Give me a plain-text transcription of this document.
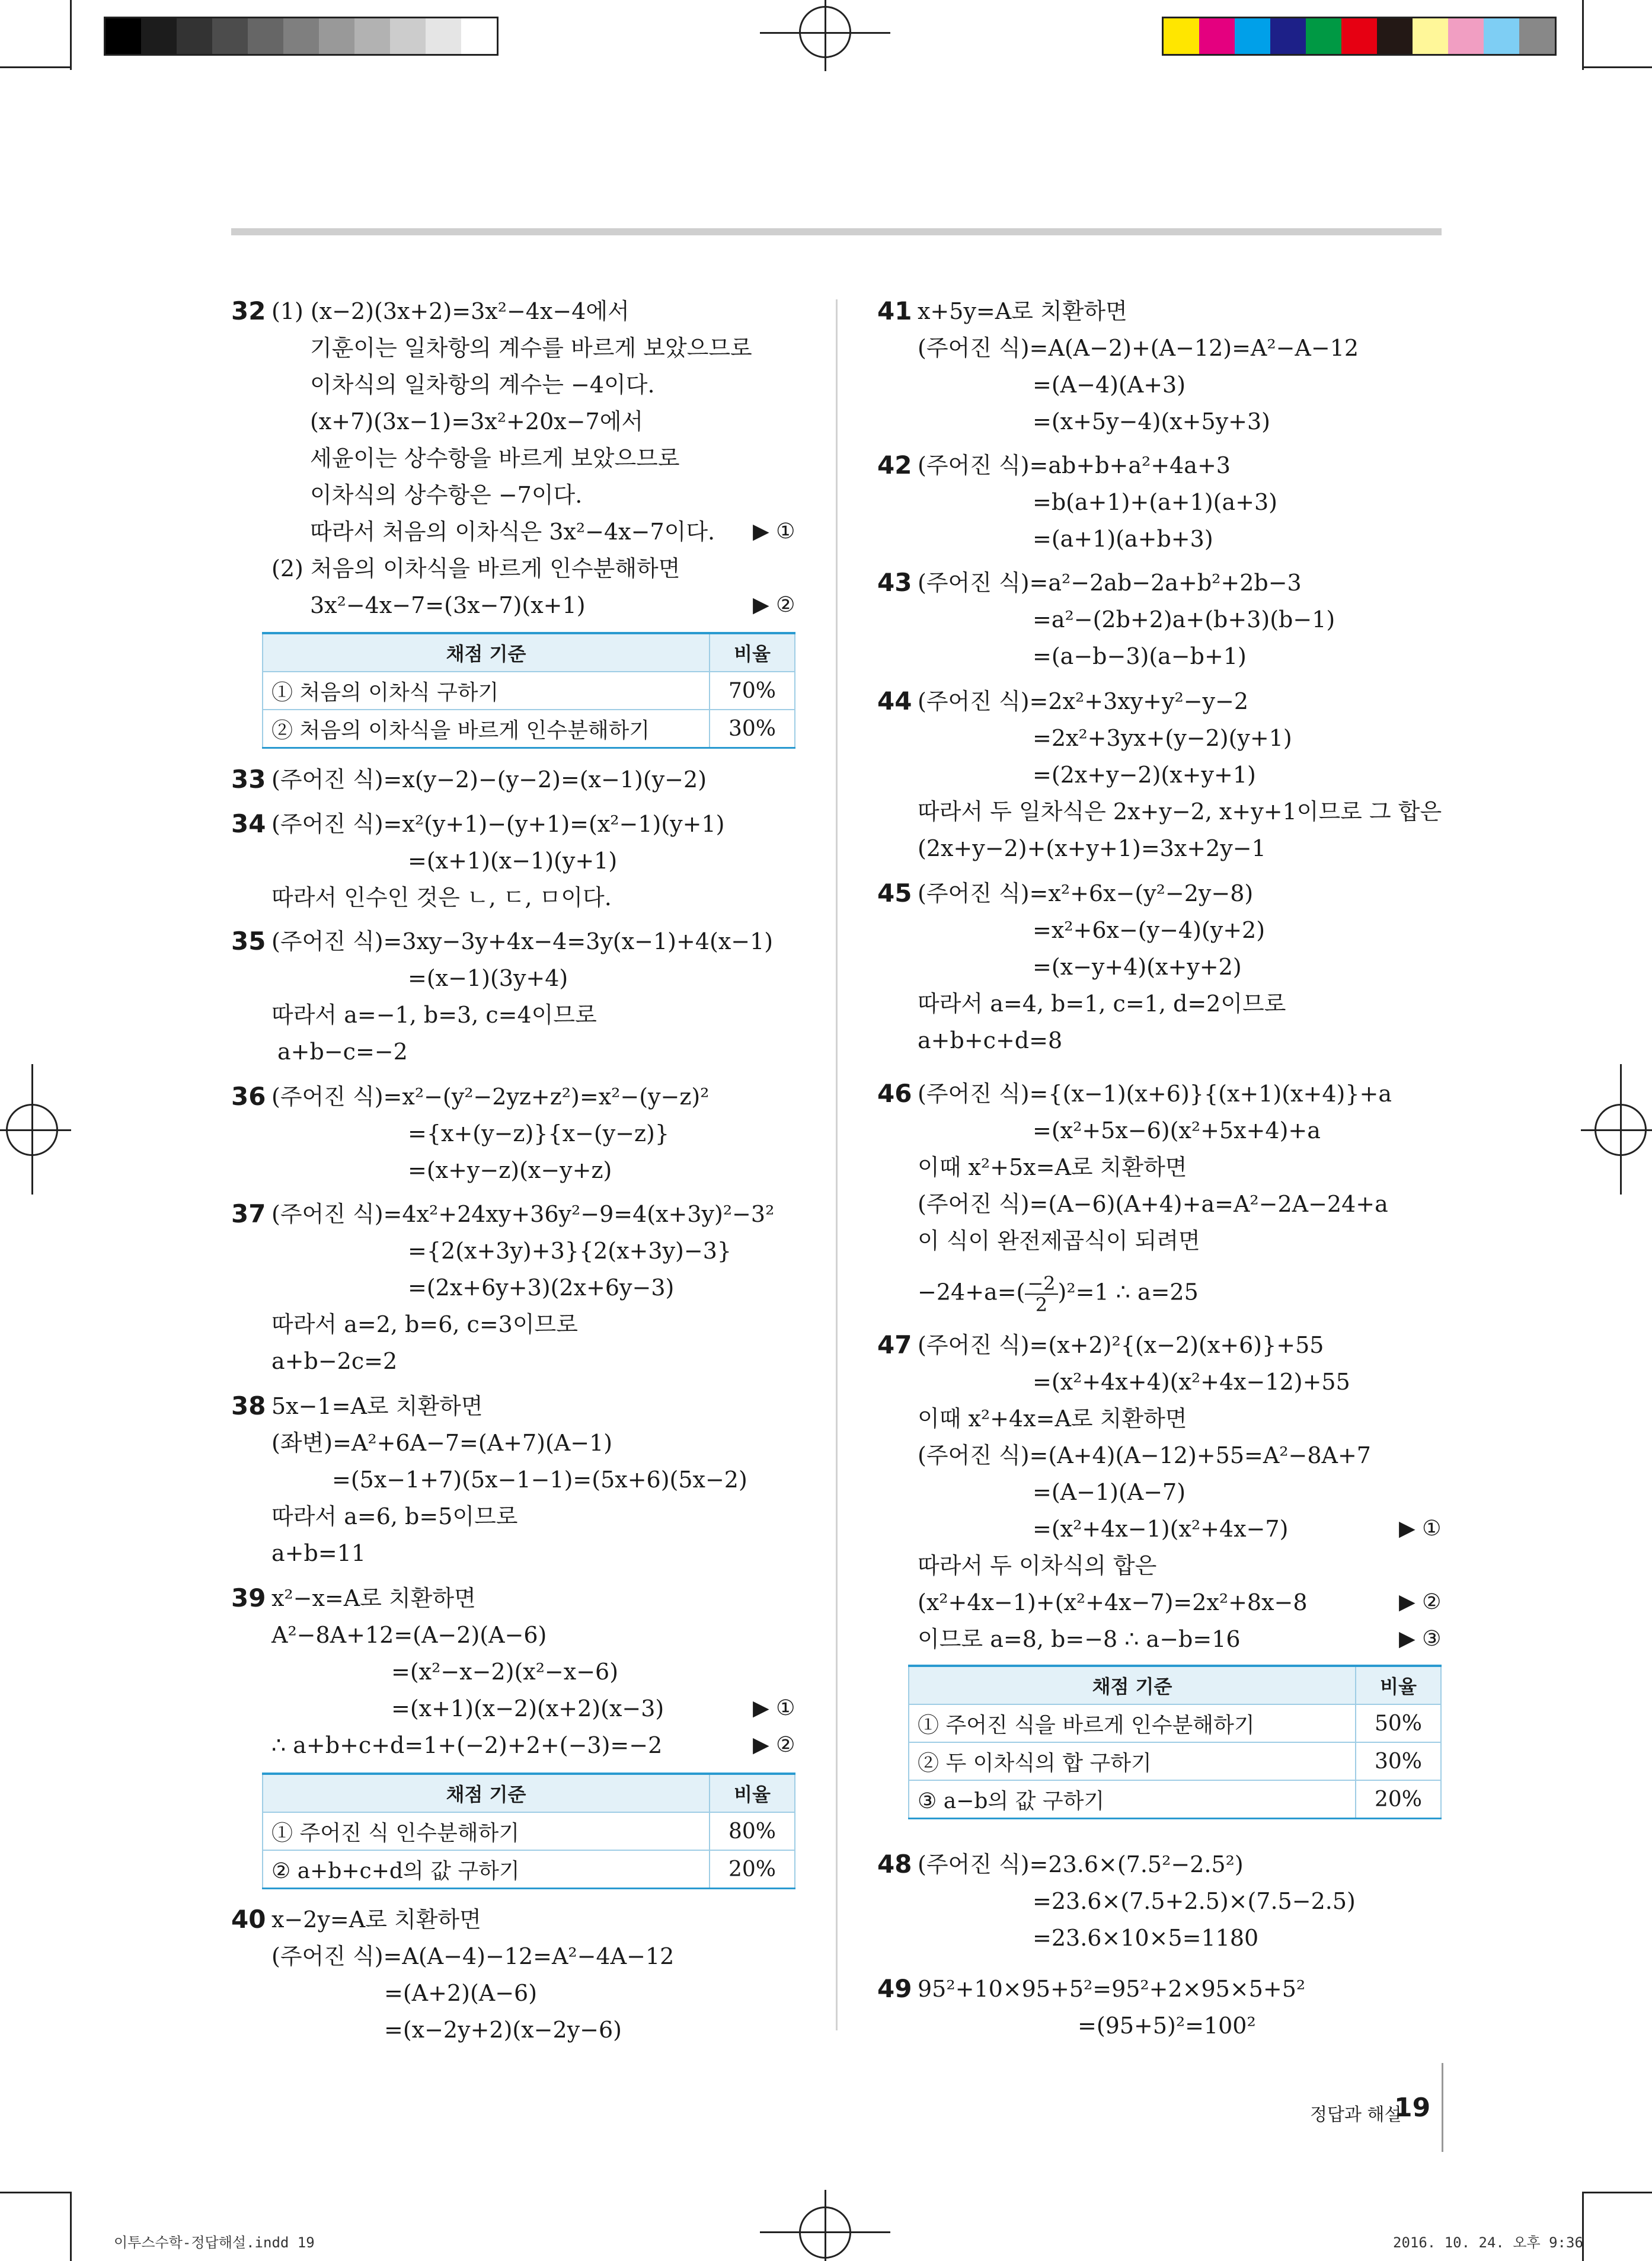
32 (1) (x−2)(3x+2)=3x²−4x−4에서
기훈이는 일차항의 계수를 바르게 보았으므로
이차식의 일차항의 계수는 −4이다.
(x+7)(3x−1)=3x²+20x−7에서
세윤이는 상수항을 바르게 보았으므로
이차식의 상수항은 −7이다.
따라서 처음의 이차식은 3x²−4x−7이다. ▶ ①
(2) 처음의 이차식을 바르게 인수분해하면
3x²−4x−7=(3x−7)(x+1)	▶ ②
채점 기준	비율
① 처음의 이차식 구하기	70%
② 처음의 이차식을 바르게 인수분해하기	30%
33 (주어진 식)=x(y−2)−(y−2)=(x−1)(y−2)
34 (주어진 식)=x²(y+1)−(y+1)=(x²−1)(y+1)
=(x+1)(x−1)(y+1)
따라서 인수인 것은 ㄴ, ㄷ, ㅁ이다.
35 (주어진 식)=3xy−3y+4x−4=3y(x−1)+4(x−1)
=(x−1)(3y+4)
따라서 a=−1, b=3, c=4이므로
a+b−c=−2
36 (주어진 식)=x²−(y²−2yz+z²)=x²−(y−z)²
={x+(y−z)}{x−(y−z)}
=(x+y−z)(x−y+z)
37 (주어진 식)=4x²+24xy+36y²−9=4(x+3y)²−3²
={2(x+3y)+3}{2(x+3y)−3}
=(2x+6y+3)(2x+6y−3)
따라서 a=2, b=6, c=3이므로
a+b−2c=2
38 5x−1=A로 치환하면
(좌변)=A²+6A−7=(A+7)(A−1)
=(5x−1+7)(5x−1−1)=(5x+6)(5x−2)
따라서 a=6, b=5이므로
a+b=11
39 x²−x=A로 치환하면
A²−8A+12=(A−2)(A−6)
=(x²−x−2)(x²−x−6)
=(x+1)(x−2)(x+2)(x−3)	▶ ①
∴ a+b+c+d=1+(−2)+2+(−3)=−2	▶ ②
채점 기준	비율
① 주어진 식 인수분해하기	80%
② a+b+c+d의 값 구하기	20%
40 x−2y=A로 치환하면
(주어진 식)=A(A−4)−12=A²−4A−12
=(A+2)(A−6)
=(x−2y+2)(x−2y−6)
41 x+5y=A로 치환하면
(주어진 식)=A(A−2)+(A−12)=A²−A−12
=(A−4)(A+3)
=(x+5y−4)(x+5y+3)
42 (주어진 식)=ab+b+a²+4a+3
=b(a+1)+(a+1)(a+3)
=(a+1)(a+b+3)
43 (주어진 식)=a²−2ab−2a+b²+2b−3
=a²−(2b+2)a+(b+3)(b−1)
=(a−b−3)(a−b+1)
44 (주어진 식)=2x²+3xy+y²−y−2
=2x²+3yx+(y−2)(y+1)
=(2x+y−2)(x+y+1)
따라서 두 일차식은 2x+y−2, x+y+1이므로 그 합은
(2x+y−2)+(x+y+1)=3x+2y−1
45 (주어진 식)=x²+6x−(y²−2y−8)
=x²+6x−(y−4)(y+2)
=(x−y+4)(x+y+2)
따라서 a=4, b=1, c=1, d=2이므로
a+b+c+d=8
46 (주어진 식)={(x−1)(x+6)}{(x+1)(x+4)}+a
=(x²+5x−6)(x²+5x+4)+a
이때 x²+5x=A로 치환하면
(주어진 식)=(A−6)(A+4)+a=A²−2A−24+a
이 식이 완전제곱식이 되려면
$-24+a=( \frac{-2}{2} )^2=1$ ∴ a=25
47 (주어진 식)=(x+2)²{(x−2)(x+6)}+55
=(x²+4x+4)(x²+4x−12)+55
이때 x²+4x=A로 치환하면
(주어진 식)=(A+4)(A−12)+55=A²−8A+7
=(A−1)(A−7)
=(x²+4x−1)(x²+4x−7)	▶ ①
따라서 두 이차식의 합은
(x²+4x−1)+(x²+4x−7)=2x²+8x−8	▶ ②
이므로 a=8, b=−8 ∴ a−b=16	▶ ③
채점 기준	비율
① 주어진 식을 바르게 인수분해하기	50%
② 두 이차식의 합 구하기	30%
③ a−b의 값 구하기	20%
48 (주어진 식)=23.6×(7.5²−2.5²)
=23.6×(7.5+2.5)×(7.5−2.5)
=23.6×10×5=1180
49 95²+10×95+5²=95²+2×95×5+5²
=(95+5)²=100²
정답과 해설
19
이투스수학-정답해설.indd 19	2016. 10. 24. 오후 9:36
